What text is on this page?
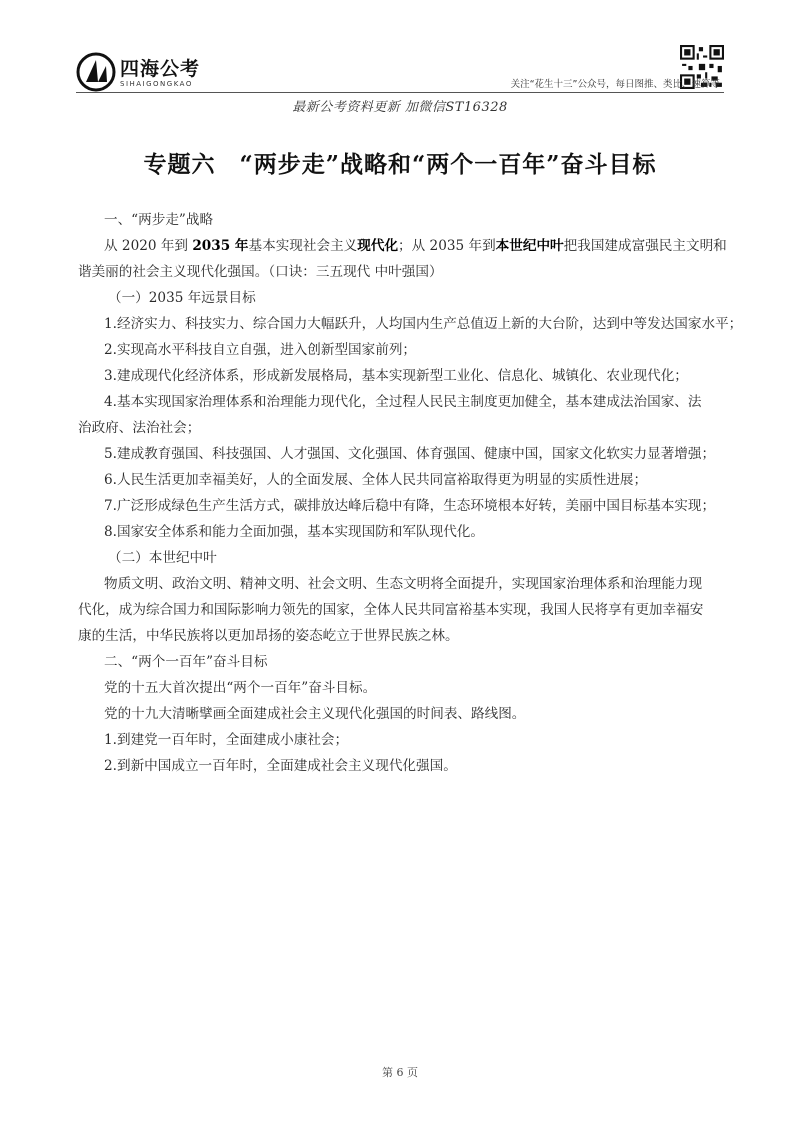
四海公考
SIHAIGONGKAO	关注“花生十三”公众号，每日图推、类比、速算等
最新公考资料更新 加微信ST16328
专题六　“两步走”战略和“两个一百年”奋斗目标
一、“两步走”战略
从 2020 年到 2035 年基本实现社会主义现代化；从 2035 年到本世纪中叶把我国建成富强民主文明和
谐美丽的社会主义现代化强国。（口诀：三五现代 中叶强国）
（一）2035 年远景目标
1.经济实力、科技实力、综合国力大幅跃升，人均国内生产总值迈上新的大台阶，达到中等发达国家水平；
2.实现高水平科技自立自强，进入创新型国家前列；
3.建成现代化经济体系，形成新发展格局，基本实现新型工业化、信息化、城镇化、农业现代化；
4.基本实现国家治理体系和治理能力现代化，全过程人民民主制度更加健全，基本建成法治国家、法
治政府、法治社会；
5.建成教育强国、科技强国、人才强国、文化强国、体育强国、健康中国，国家文化软实力显著增强；
6.人民生活更加幸福美好，人的全面发展、全体人民共同富裕取得更为明显的实质性进展；
7.广泛形成绿色生产生活方式，碳排放达峰后稳中有降，生态环境根本好转，美丽中国目标基本实现；
8.国家安全体系和能力全面加强，基本实现国防和军队现代化。
（二）本世纪中叶
物质文明、政治文明、精神文明、社会文明、生态文明将全面提升，实现国家治理体系和治理能力现
代化，成为综合国力和国际影响力领先的国家，全体人民共同富裕基本实现，我国人民将享有更加幸福安
康的生活，中华民族将以更加昂扬的姿态屹立于世界民族之林。
二、“两个一百年”奋斗目标
党的十五大首次提出“两个一百年”奋斗目标。
党的十九大清晰擘画全面建成社会主义现代化强国的时间表、路线图。
1.到建党一百年时，全面建成小康社会；
2.到新中国成立一百年时，全面建成社会主义现代化强国。
第 6 页
